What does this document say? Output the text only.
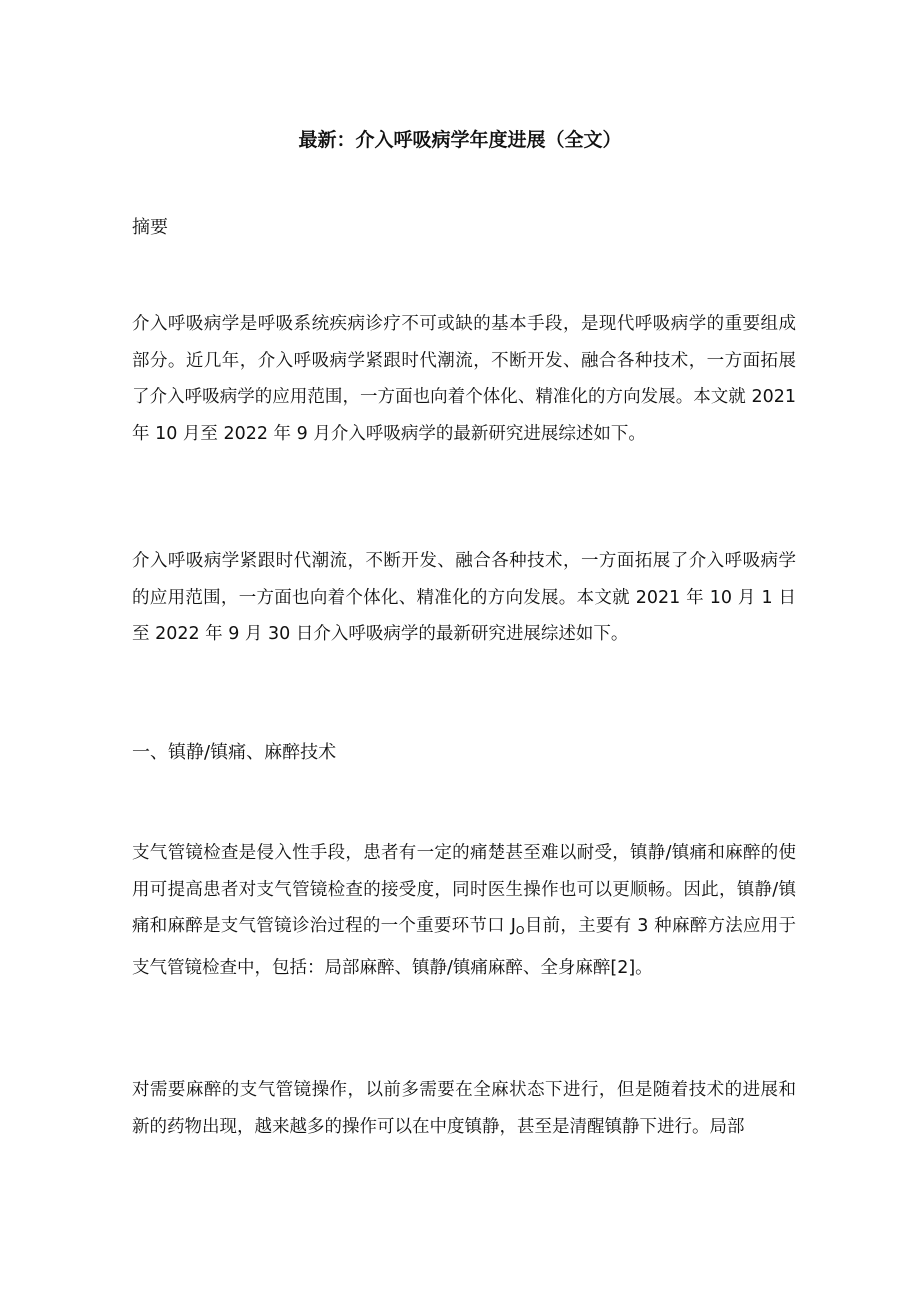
最新：介入呼吸病学年度进展（全文）

摘要

介入呼吸病学是呼吸系统疾病诊疗不可或缺的基本手段，是现代呼吸病学的重要组成部分。近几年，介入呼吸病学紧跟时代潮流，不断开发、融合各种技术，一方面拓展了介入呼吸病学的应用范围，一方面也向着个体化、精准化的方向发展。本文就 2021 年 10 月至 2022 年 9 月介入呼吸病学的最新研究进展综述如下。

介入呼吸病学紧跟时代潮流，不断开发、融合各种技术，一方面拓展了介入呼吸病学的应用范围，一方面也向着个体化、精准化的方向发展。本文就 2021 年 10 月 1 日至 2022 年 9 月 30 日介入呼吸病学的最新研究进展综述如下。

一、镇静/镇痛、麻醉技术

支气管镜检查是侵入性手段，患者有一定的痛楚甚至难以耐受，镇静/镇痛和麻醉的使用可提高患者对支气管镜检查的接受度，同时医生操作也可以更顺畅。因此，镇静/镇痛和麻醉是支气管镜诊治过程的一个重要环节口 $J_O$目前，主要有 3 种麻醉方法应用于支气管镜检查中，包括：局部麻醉、镇静/镇痛麻醉、全身麻醉[2]。

对需要麻醉的支气管镜操作，以前多需要在全麻状态下进行，但是随着技术的进展和新的药物出现，越来越多的操作可以在中度镇静，甚至是清醒镇静下进行。局部
